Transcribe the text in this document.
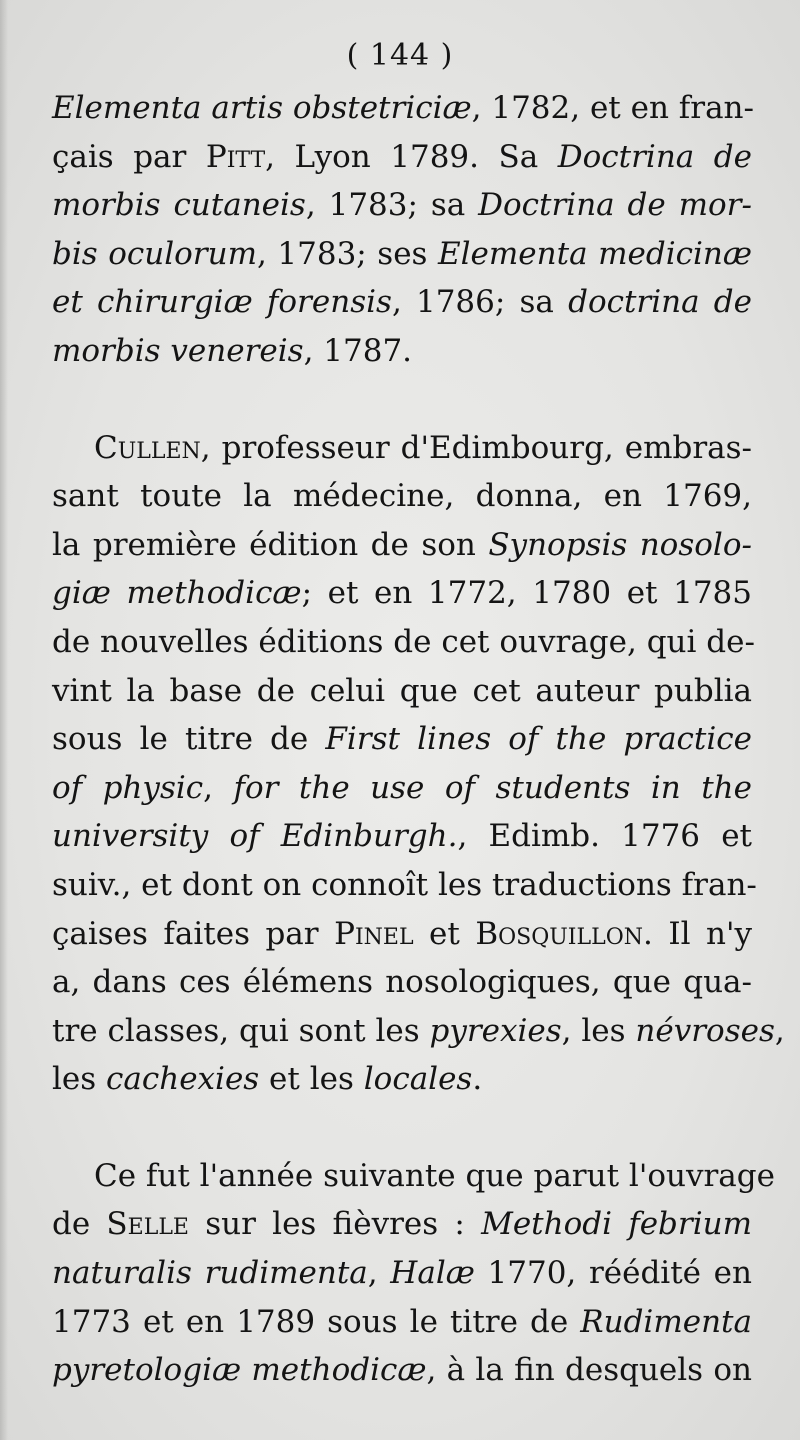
( 144 )
Elementa artis obstetriciæ, 1782, et en fran-
çais par Pitt, Lyon 1789. Sa Doctrina de
morbis cutaneis, 1783; sa Doctrina de mor-
bis oculorum, 1783; ses Elementa medicinæ
et chirurgiæ forensis, 1786; sa doctrina de
morbis venereis, 1787.
Cullen, professeur d'Edimbourg, embras-
sant toute la médecine, donna, en 1769,
la première édition de son Synopsis nosolo-
giæ methodicæ; et en 1772, 1780 et 1785
de nouvelles éditions de cet ouvrage, qui de-
vint la base de celui que cet auteur publia
sous le titre de First lines of the practice
of physic, for the use of students in the
university of Edinburgh., Edimb. 1776 et
suiv., et dont on connoît les traductions fran-
çaises faites par Pinel et Bosquillon. Il n'y
a, dans ces élémens nosologiques, que qua-
tre classes, qui sont les pyrexies, les névroses,
les cachexies et les locales.
Ce fut l'année suivante que parut l'ouvrage
de Selle sur les fièvres : Methodi febrium
naturalis rudimenta, Halæ 1770, réédité en
1773 et en 1789 sous le titre de Rudimenta
pyretologiæ methodicæ, à la fin desquels on
